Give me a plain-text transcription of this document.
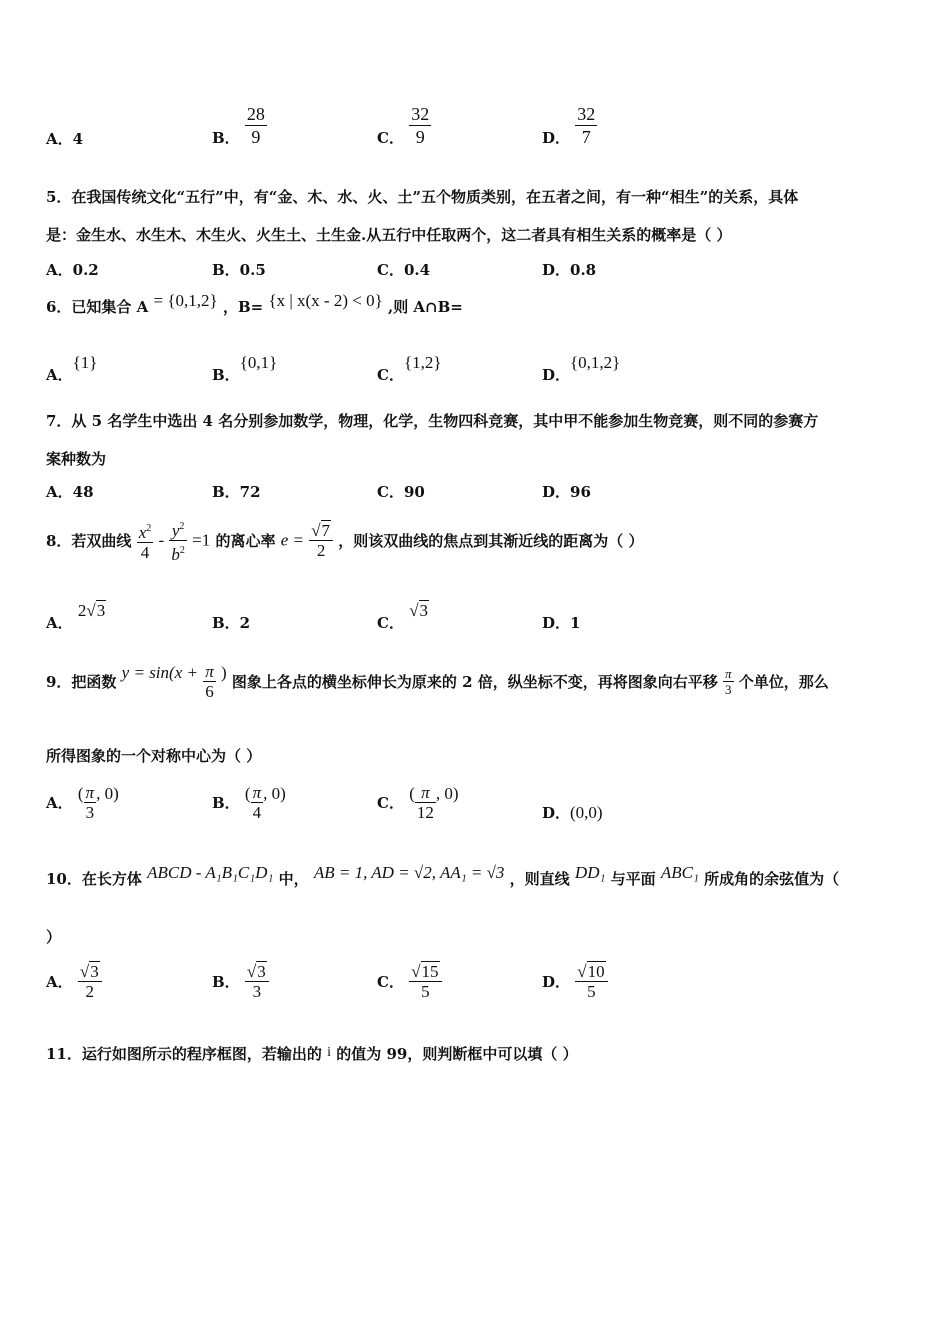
A．4	B． $\frac{28}{9}$	C． $\frac{32}{9}$	D． $\frac{32}{7}$
5．在我国传统文化“五行”中，有“金、木、水、火、土”五个物质类别，在五者之间，有一种“相生”的关系，具体
是：金生水、水生木、木生火、火生土、土生金.从五行中任取两个，这二者具有相生关系的概率是（ ）
A．0.2	B．0.5	C．0.4	D．0.8
6．已知集合 A = {0,1,2} ，B= {x | x(x - 2) < 0} ,则 A∩B=
A．{1}
B．{0,1}
C．{1,2}
D．{0,1,2}
7．从 5 名学生中选出 4 名分别参加数学，物理，化学，生物四科竞赛，其中甲不能参加生物竞赛，则不同的参赛方
案种数为
A．48	B．72	C．90	D．96
8．若双曲线 $\frac{x^2}{4} - \frac{y^2}{b^2} =1$ 的离心率 $e = \frac{√7}{2}$ ，则该双曲线的焦点到其渐近线的距离为（ ）
A． 2√3
B．2	C． √3
D．1
9．把函数 $y = \sin(x + \frac{\pi}{6}$ ) 图象上各点的横坐标伸长为原来的 2 倍，纵坐标不变，再将图象向右平移 $\frac{\pi}{3}$ 个单位，那么
所得图象的一个对称中心为（ ）
A． ( $\frac{\pi}{3}$ , 0)
B． ( $\frac{\pi}{4}$ , 0)
C． ( $\frac{\pi}{12}$ , 0)
D．(0,0)
10．在长方体 ABCD - A₁B₁C₁D₁ 中， AB = 1, AD = √2, AA₁ = √3 ，则直线 DD₁ 与平面 ABC₁ 所成角的余弦值为（
）
A． $\frac{√3}{2}$	B． $\frac{√3}{3}$	C． $\frac{√15}{5}$	D． $\frac{√10}{5}$
11．运行如图所示的程序框图，若输出的 i 的值为 99，则判断框中可以填（ ）
